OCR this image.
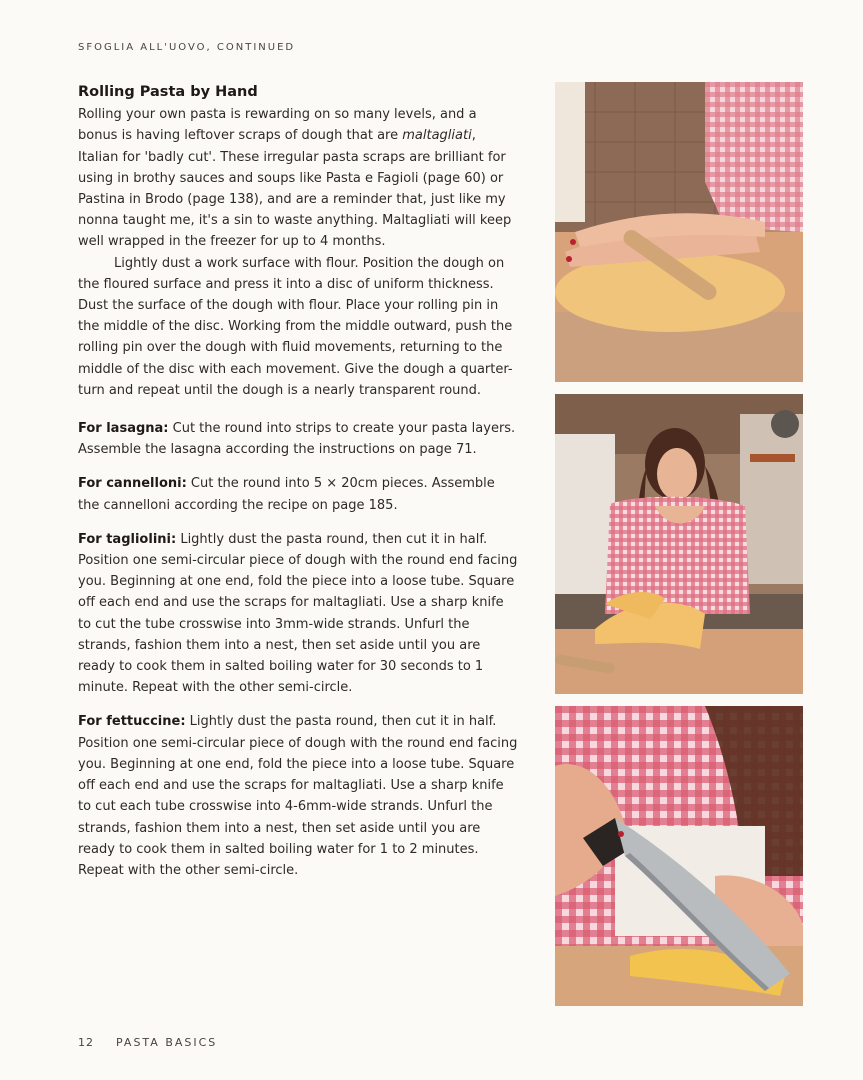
SFOGLIA ALL'UOVO, CONTINUED
Rolling Pasta by Hand

Rolling your own pasta is rewarding on so many levels, and a bonus is having leftover scraps of dough that are maltagliati, Italian for 'badly cut'. These irregular pasta scraps are brilliant for using in brothy sauces and soups like Pasta e Fagioli (page 60) or Pastina in Brodo (page 138), and are a reminder that, just like my nonna taught me, it's a sin to waste anything. Maltagliati will keep well wrapped in the freezer for up to 4 months.

Lightly dust a work surface with flour. Position the dough on the floured surface and press it into a disc of uniform thickness. Dust the surface of the dough with flour. Place your rolling pin in the middle of the disc. Working from the middle outward, push the rolling pin over the dough with fluid movements, returning to the middle of the disc with each movement. Give the dough a quarter-turn and repeat until the dough is a nearly transparent round.

For lasagna: Cut the round into strips to create your pasta layers. Assemble the lasagna according the instructions on page 71.
For cannelloni: Cut the round into 5 × 20cm pieces. Assemble the cannelloni according the recipe on page 185.
For tagliolini: Lightly dust the pasta round, then cut it in half. Position one semi-circular piece of dough with the round end facing you. Beginning at one end, fold the piece into a loose tube. Square off each end and use the scraps for maltagliati. Use a sharp knife to cut the tube crosswise into 3mm-wide strands. Unfurl the strands, fashion them into a nest, then set aside until you are ready to cook them in salted boiling water for 30 seconds to 1 minute. Repeat with the other semi-circle.
For fettuccine: Lightly dust the pasta round, then cut it in half. Position one semi-circular piece of dough with the round end facing you. Beginning at one end, fold the piece into a loose tube. Square off each end and use the scraps for maltagliati. Use a sharp knife to cut each tube crosswise into 4-6mm-wide strands. Unfurl the strands, fashion them into a nest, then set aside until you are ready to cook them in salted boiling water for 1 to 2 minutes. Repeat with the other semi-circle.
12 PASTA BASICS
